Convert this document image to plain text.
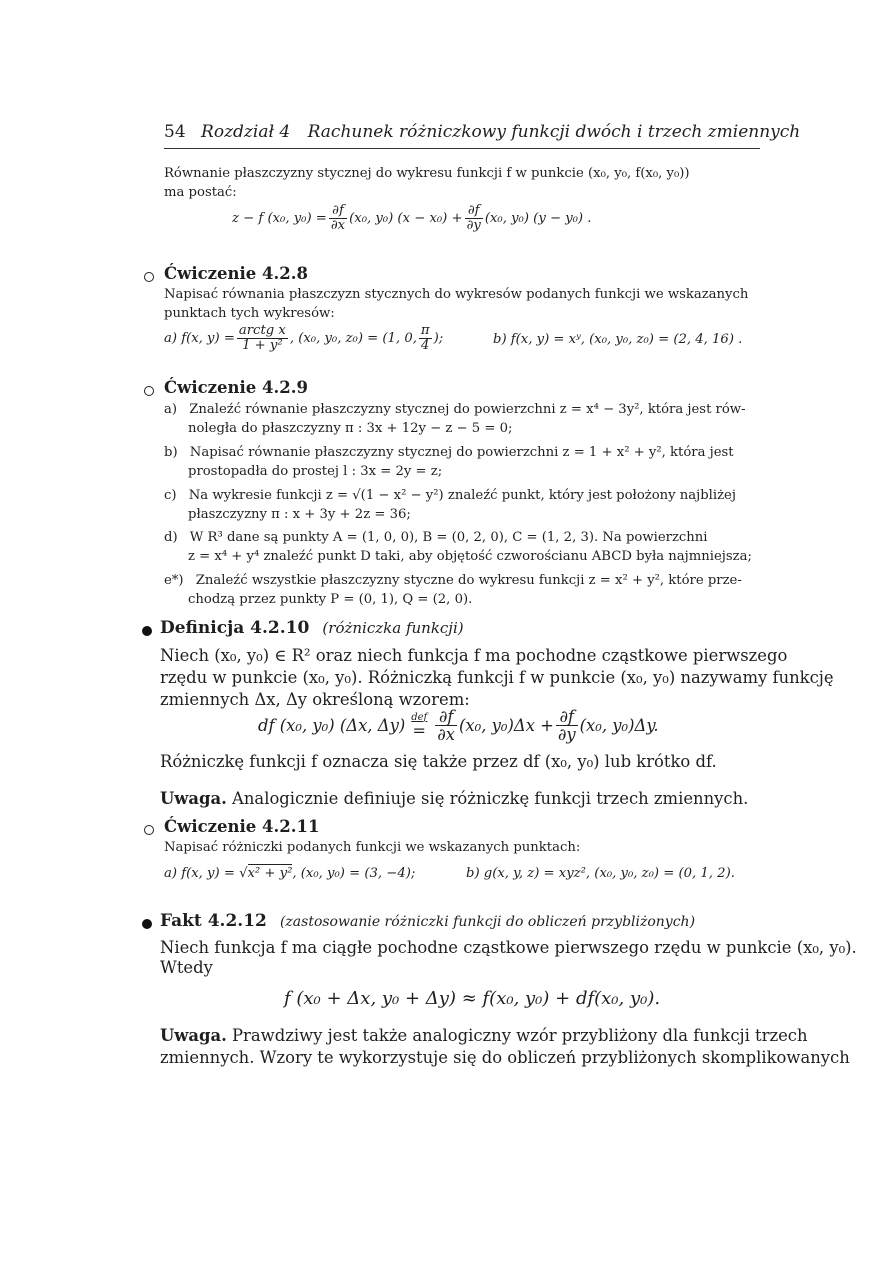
54 Rozdział 4 Rachunek różniczkowy funkcji dwóch i trzech zmiennych
Równanie płaszczyzny stycznej do wykresu funkcji f w punkcie (x₀, y₀, f(x₀, y₀))
ma postać:
z − f (x₀, $y_0) = \frac{\partial f}{\partial x} (x_0$, y₀) $(x - x_0) + \frac{\partial f}{\partial y} (x_0$, y₀) (y − y₀) .
Ćwiczenie 4.2.8
Napisać równania płaszczyzn stycznych do wykresów podanych funkcji we wskazanych
punktach tych wykresów:
a) f(x, $y) = \frac{\text{arctg x}}{\text{1 + y²}}$ , (x₀, y₀, z₀) = (1, 0, $\frac{\pi}{4}$ );	b) f(x, y) = xʸ, (x₀, y₀, z₀) = (2, 4, 16) .
Ćwiczenie 4.2.9
a) Znaleźć równanie płaszczyzny stycznej do powierzchni z = x⁴ − 3y², która jest rów-
noległa do płaszczyzny π : 3x + 12y − z − 5 = 0;
b) Napisać równanie płaszczyzny stycznej do powierzchni z = 1 + x² + y², która jest
prostopadła do prostej l : 3x = 2y = z;
c) Na wykresie funkcji z = √(1 − x² − y²) znaleźć punkt, który jest położony najbliżej
płaszczyzny π : x + 3y + 2z = 36;
d) W R³ dane są punkty A = (1, 0, 0), B = (0, 2, 0), C = (1, 2, 3). Na powierzchni
z = x⁴ + y⁴ znaleźć punkt D taki, aby objętość czworościanu ABCD była najmniejsza;
e*) Znaleźć wszystkie płaszczyzny styczne do wykresu funkcji z = x² + y², które prze-
chodzą przez punkty P = (0, 1), Q = (2, 0).
Definicja 4.2.10 (różniczka funkcji)
Niech (x₀, y₀) ∈ R² oraz niech funkcja f ma pochodne cząstkowe pierwszego
rzędu w punkcie (x₀, y₀). Różniczką funkcji f w punkcie (x₀, y₀) nazywamy funkcję
zmiennych Δx, Δy określoną wzorem:
df (x₀, y₀) (Δx, Δy) def
= $\frac{\partial f}{\partial x} (x_0$, $y_0)\Delta x + \frac{\partial f}{\partial y} (x_0$, y₀)Δy.
Różniczkę funkcji f oznacza się także przez df (x₀, y₀) lub krótko df.
Uwaga. Analogicznie definiuje się różniczkę funkcji trzech zmiennych.
Ćwiczenie 4.2.11
Napisać różniczki podanych funkcji we wskazanych punktach:
a) f(x, y) = √x² + y², (x₀, y₀) = (3, −4);	b) g(x, y, z) = xyz², (x₀, y₀, z₀) = (0, 1, 2).
Fakt 4.2.12 (zastosowanie różniczki funkcji do obliczeń przybliżonych)
Niech funkcja f ma ciągłe pochodne cząstkowe pierwszego rzędu w punkcie (x₀, y₀).
Wtedy
f (x₀ + Δx, y₀ + Δy) ≈ f(x₀, y₀) + df(x₀, y₀).
Uwaga. Prawdziwy jest także analogiczny wzór przybliżony dla funkcji trzech
zmiennych. Wzory te wykorzystuje się do obliczeń przybliżonych skomplikowanych
